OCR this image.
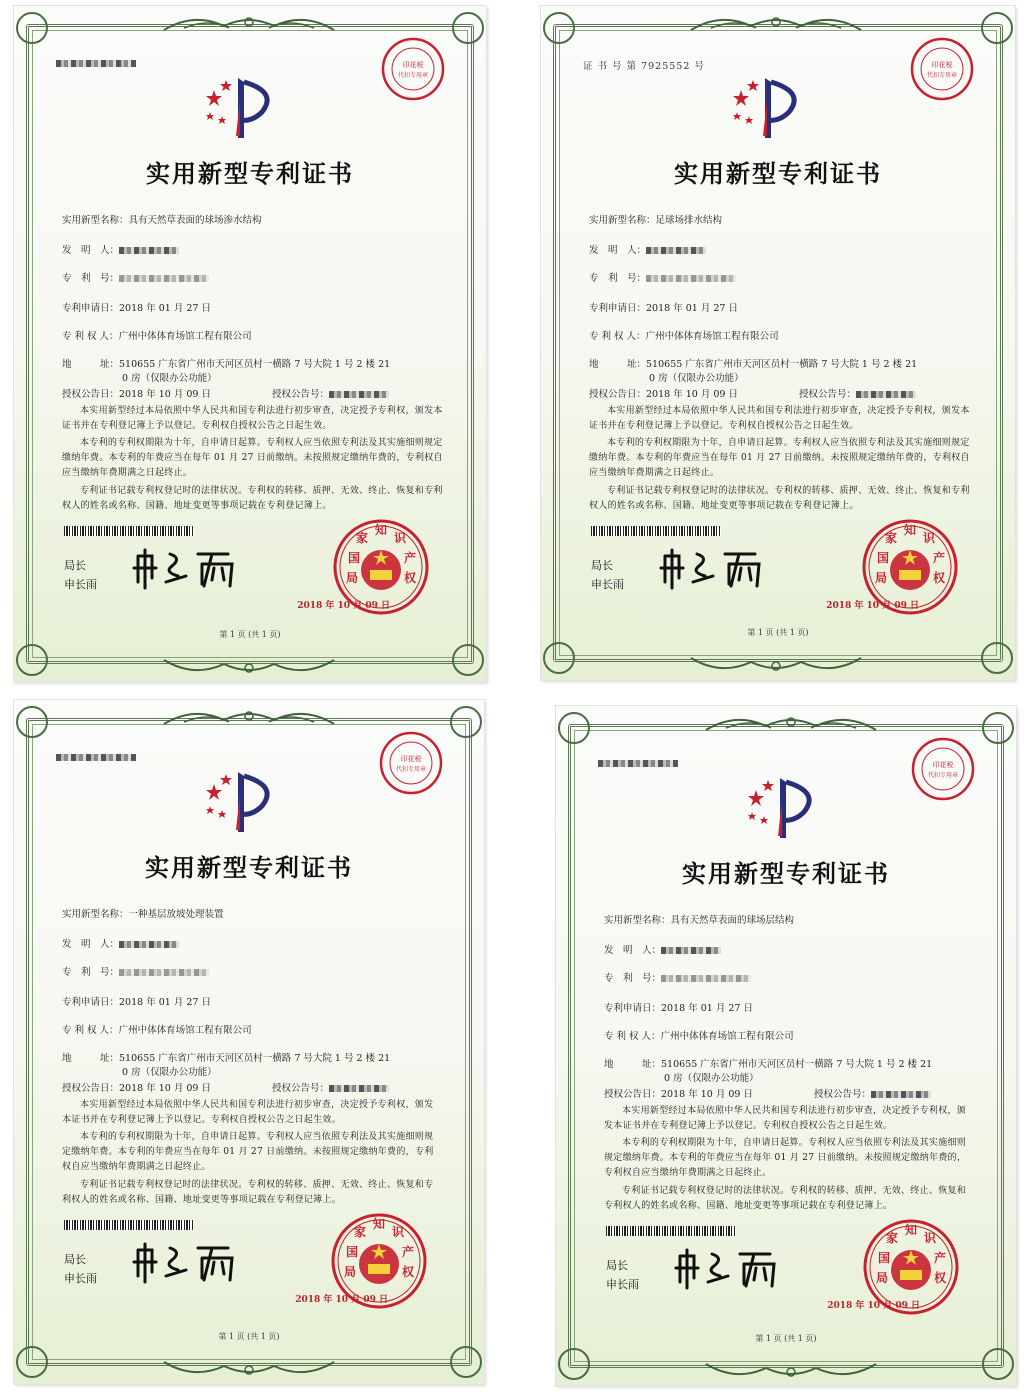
印花税
代扣专用章
实用新型专利证书
实用新型名称：具有天然草表面的球场渗水结构
发　明　人：
专　利　号：
专利申请日：2018 年 01 月 27 日
专 利 权 人：广州中体体育场馆工程有限公司
地　　　址：510655 广东省广州市天河区员村一横路 7 号大院 1 号 2 楼 21
0 房（仅限办公功能）
授权公告日：2018 年 10 月 09 日	授权公告号：
本实用新型经过本局依照中华人民共和国专利法进行初步审查，决定授予专利权，颁发本证书并在专利登记簿上予以登记。专利权自授权公告之日起生效。
本专利的专利权期限为十年，自申请日起算。专利权人应当依照专利法及其实施细则规定缴纳年费。本专利的年费应当在每年 01 月 27 日前缴纳。未按照规定缴纳年费的，专利权自应当缴纳年费期满之日起终止。
专利证书记载专利权登记时的法律状况。专利权的转移、质押、无效、终止、恢复和专利权人的姓名或名称、国籍、地址变更等事项记载在专利登记簿上。
局长
申长雨
国
家
知
识
产
权
局
2018 年 10 月 09 日
第 1 页 (共 1 页)
证 书 号 第 7925552 号	印花税
代扣专用章
实用新型专利证书
实用新型名称：足球场排水结构
发　明　人：
专　利　号：
专利申请日：2018 年 01 月 27 日
专 利 权 人：广州中体体育场馆工程有限公司
地　　　址：510655 广东省广州市天河区员村一横路 7 号大院 1 号 2 楼 21
0 房（仅限办公功能）
授权公告日：2018 年 10 月 09 日	授权公告号：
本实用新型经过本局依照中华人民共和国专利法进行初步审查，决定授予专利权，颁发本证书并在专利登记簿上予以登记。专利权自授权公告之日起生效。
本专利的专利权期限为十年，自申请日起算。专利权人应当依照专利法及其实施细则规定缴纳年费。本专利的年费应当在每年 01 月 27 日前缴纳。未按照规定缴纳年费的，专利权自应当缴纳年费期满之日起终止。
专利证书记载专利权登记时的法律状况。专利权的转移、质押、无效、终止、恢复和专利权人的姓名或名称、国籍、地址变更等事项记载在专利登记簿上。
局长
申长雨
国
家
知
识
产
权
局
2018 年 10 月 09 日
第 1 页 (共 1 页)
印花税
代扣专用章
实用新型专利证书
实用新型名称：一种基层放坡处理装置
发　明　人：
专　利　号：
专利申请日：2018 年 01 月 27 日
专 利 权 人：广州中体体育场馆工程有限公司
地　　　址：510655 广东省广州市天河区员村一横路 7 号大院 1 号 2 楼 21
0 房（仅限办公功能）
授权公告日：2018 年 10 月 09 日	授权公告号：
本实用新型经过本局依照中华人民共和国专利法进行初步审查，决定授予专利权，颁发本证书并在专利登记簿上予以登记。专利权自授权公告之日起生效。
本专利的专利权期限为十年，自申请日起算。专利权人应当依照专利法及其实施细则规定缴纳年费。本专利的年费应当在每年 01 月 27 日前缴纳。未按照规定缴纳年费的，专利权自应当缴纳年费期满之日起终止。
专利证书记载专利权登记时的法律状况。专利权的转移、质押、无效、终止、恢复和专利权人的姓名或名称、国籍、地址变更等事项记载在专利登记簿上。
局长
申长雨
国
家
知
识
产
权
局
2018 年 10 月 09 日
第 1 页 (共 1 页)
印花税
代扣专用章
实用新型专利证书
实用新型名称：具有天然草表面的球场层结构
发　明　人：
专　利　号：
专利申请日：2018 年 01 月 27 日
专 利 权 人：广州中体体育场馆工程有限公司
地　　　址：510655 广东省广州市天河区员村一横路 7 号大院 1 号 2 楼 21
0 房（仅限办公功能）
授权公告日：2018 年 10 月 09 日	授权公告号：
本实用新型经过本局依照中华人民共和国专利法进行初步审查，决定授予专利权，颁发本证书并在专利登记簿上予以登记。专利权自授权公告之日起生效。
本专利的专利权期限为十年，自申请日起算。专利权人应当依照专利法及其实施细则规定缴纳年费。本专利的年费应当在每年 01 月 27 日前缴纳。未按照规定缴纳年费的，专利权自应当缴纳年费期满之日起终止。
专利证书记载专利权登记时的法律状况。专利权的转移、质押、无效、终止、恢复和专利权人的姓名或名称、国籍、地址变更等事项记载在专利登记簿上。
局长
申长雨
国
家
知
识
产
权
局
2018 年 10 月 09 日
第 1 页 (共 1 页)
